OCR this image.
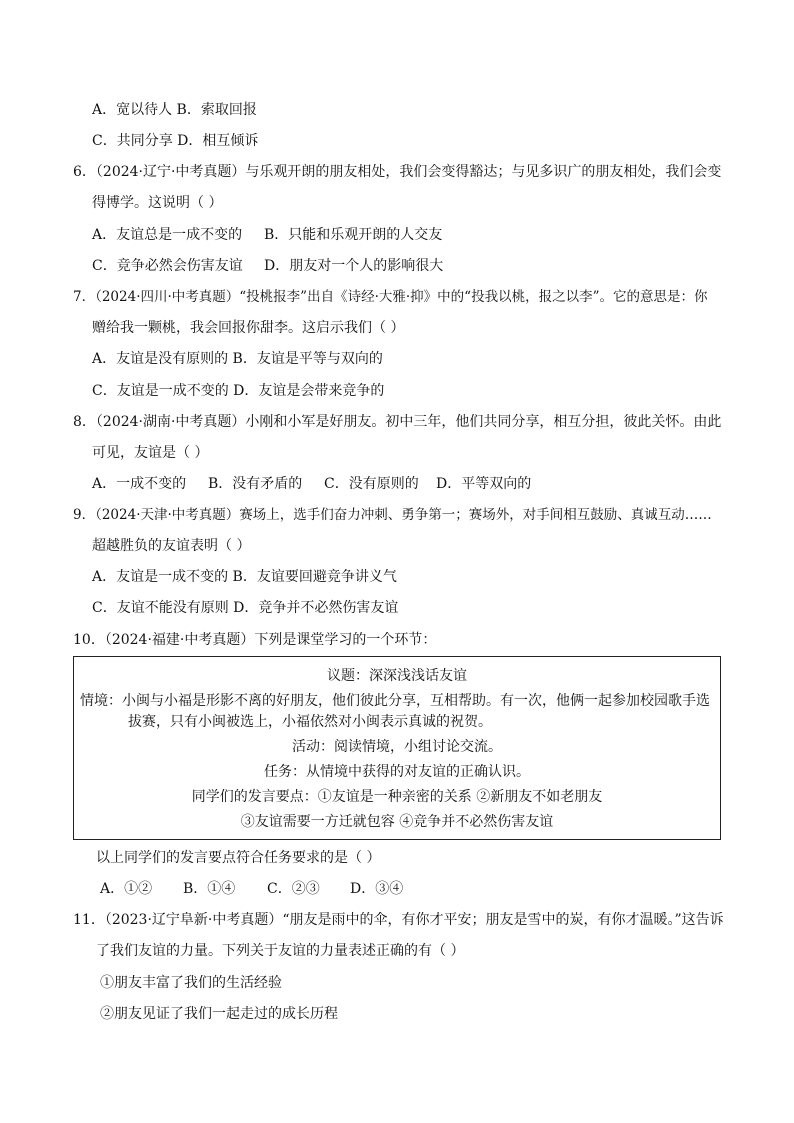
A．宽以待人 B．索取回报
C．共同分享 D．相互倾诉
6．（2024·辽宁·中考真题）与乐观开朗的朋友相处，我们会变得豁达；与见多识广的朋友相处，我们会变
得博学。这说明（ ）
A．友谊总是一成不变的 B．只能和乐观开朗的人交友
C．竞争必然会伤害友谊 D．朋友对一个人的影响很大
7．（2024·四川·中考真题）“投桃报李”出自《诗经·大雅·抑》中的“投我以桃，报之以李”。它的意思是：你
赠给我一颗桃，我会回报你甜李。这启示我们（ ）
A．友谊是没有原则的 B．友谊是平等与双向的
C．友谊是一成不变的 D．友谊是会带来竞争的
8．（2024·湖南·中考真题）小刚和小军是好朋友。初中三年，他们共同分享，相互分担，彼此关怀。由此
可见，友谊是（ ）
A．一成不变的 B．没有矛盾的 C．没有原则的 D．平等双向的
9．（2024·天津·中考真题）赛场上，选手们奋力冲刺、勇争第一；赛场外，对手间相互鼓励、真诚互动……
超越胜负的友谊表明（ ）
A．友谊是一成不变的 B．友谊要回避竞争讲义气
C．友谊不能没有原则 D．竞争并不必然伤害友谊
10．（2024·福建·中考真题）下列是课堂学习的一个环节：
议题：深深浅浅话友谊
情境：小闽与小福是形影不离的好朋友，他们彼此分享，互相帮助。有一次，他俩一起参加校园歌手选
拔赛，只有小闽被选上，小福依然对小闽表示真诚的祝贺。
活动：阅读情境，小组讨论交流。
任务：从情境中获得的对友谊的正确认识。
同学们的发言要点：①友谊是一种亲密的关系 ②新朋友不如老朋友
③友谊需要一方迁就包容 ④竞争并不必然伤害友谊
以上同学们的发言要点符合任务要求的是（ ）
A．①② B．①④ C．②③ D．③④
11．（2023·辽宁阜新·中考真题）“朋友是雨中的伞，有你才平安；朋友是雪中的炭，有你才温暖。”这告诉
了我们友谊的力量。下列关于友谊的力量表述正确的有（ ）
①朋友丰富了我们的生活经验
②朋友见证了我们一起走过的成长历程
